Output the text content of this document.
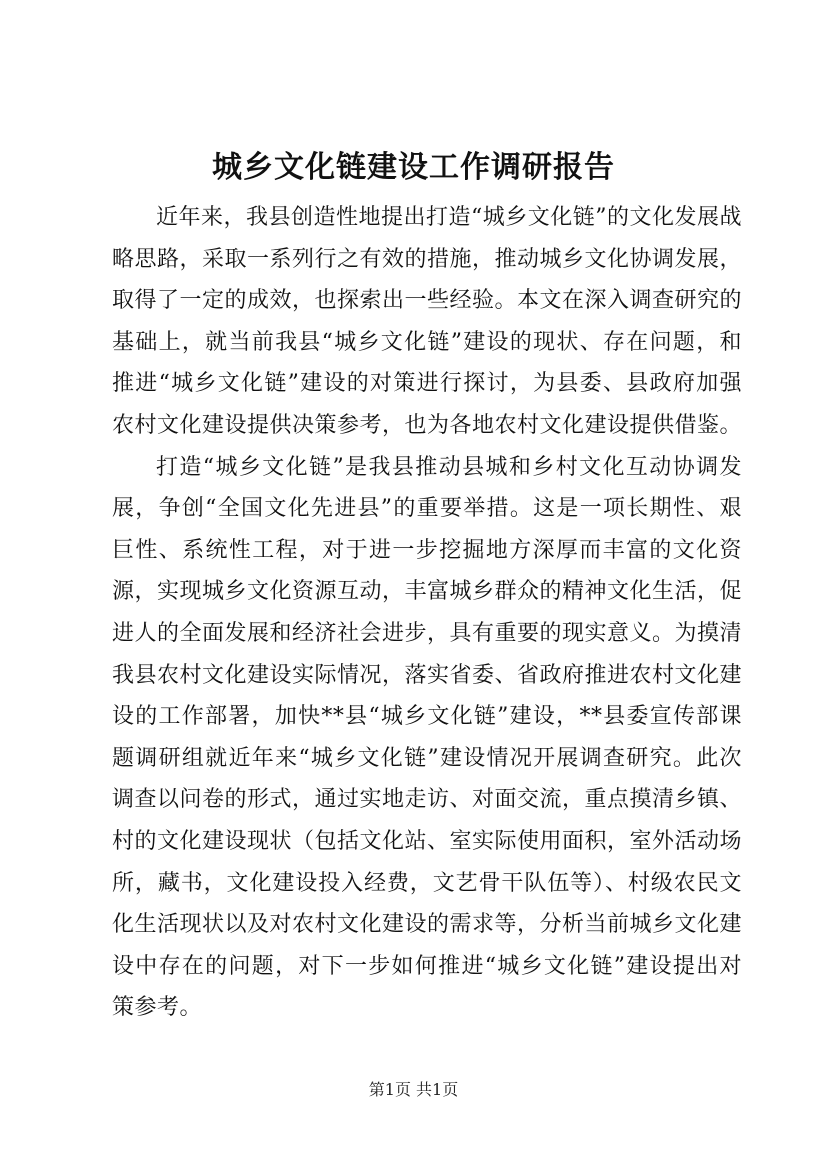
城乡文化链建设工作调研报告

近年来，我县创造性地提出打造“城乡文化链”的文化发展战略思路，采取一系列行之有效的措施，推动城乡文化协调发展，取得了一定的成效，也探索出一些经验。本文在深入调查研究的基础上，就当前我县“城乡文化链”建设的现状、存在问题，和推进“城乡文化链”建设的对策进行探讨，为县委、县政府加强农村文化建设提供决策参考，也为各地农村文化建设提供借鉴。

打造“城乡文化链”是我县推动县城和乡村文化互动协调发展，争创“全国文化先进县”的重要举措。这是一项长期性、艰巨性、系统性工程，对于进一步挖掘地方深厚而丰富的文化资源，实现城乡文化资源互动，丰富城乡群众的精神文化生活，促进人的全面发展和经济社会进步，具有重要的现实意义。为摸清我县农村文化建设实际情况，落实省委、省政府推进农村文化建设的工作部署，加快**县“城乡文化链”建设，**县委宣传部课题调研组就近年来“城乡文化链”建设情况开展调查研究。此次调查以问卷的形式，通过实地走访、对面交流，重点摸清乡镇、村的文化建设现状（包括文化站、室实际使用面积，室外活动场所，藏书，文化建设投入经费，文艺骨干队伍等）、村级农民文化生活现状以及对农村文化建设的需求等，分析当前城乡文化建设中存在的问题，对下一步如何推进“城乡文化链”建设提出对策参考。

第1页 共1页
